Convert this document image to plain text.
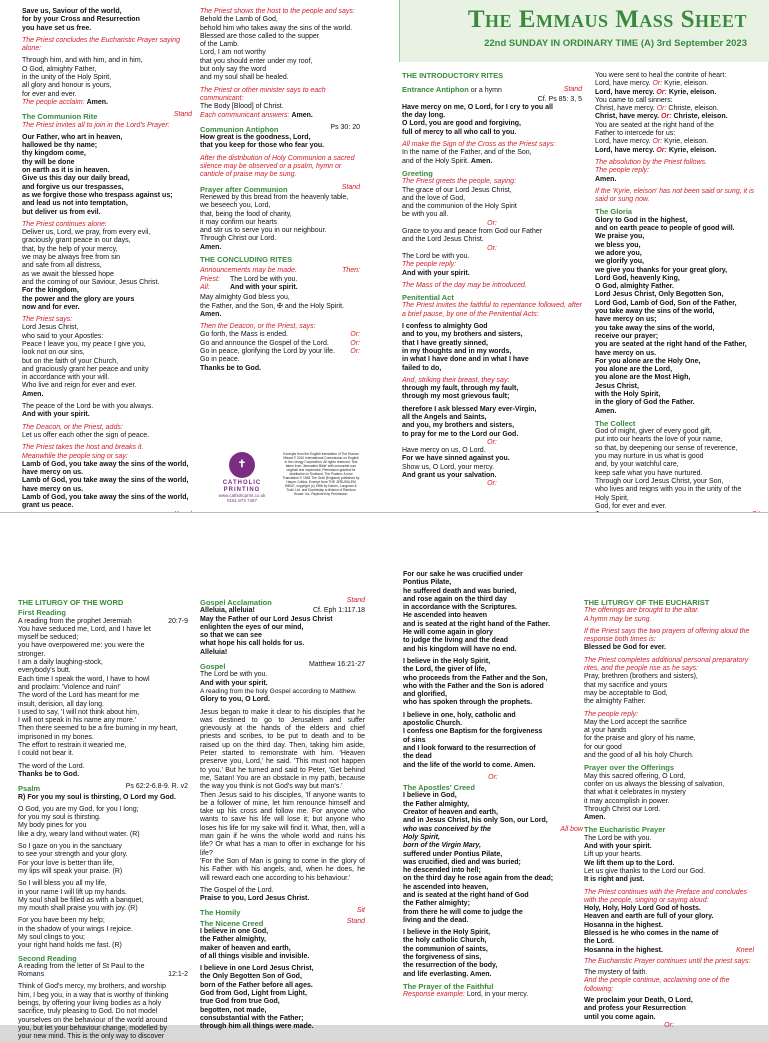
The Emmaus Mass Sheet
22nd SUNDAY IN ORDINARY TIME (A) 3rd September 2023

Save us, Saviour of the world,
for by your Cross and Resurrection
you have set us free.

The Priest concludes the Eucharistic Prayer saying alone:

Through him, and with him, and in him,
O God, almighty Father,
in the unity of the Holy Spirit,
all glory and honour is yours,
for ever and ever.

The people acclaim: Amen.

The Communion Rite	Stand

The Priest invites all to join in the Lord's Prayer:

Our Father, who art in heaven,
hallowed be thy name;
thy kingdom come,
thy will be done
on earth as it is in heaven.
Give us this day our daily bread,
and forgive us our trespasses,
as we forgive those who trespass against us;
and lead us not into temptation,
but deliver us from evil.

The Priest continues alone:

Deliver us, Lord, we pray, from every evil,
graciously grant peace in our days,
that, by the help of your mercy,
we may be always free from sin
and safe from all distress,
as we await the blessed hope
and the coming of our Saviour, Jesus Christ.

For the kingdom,
the power and the glory are yours
now and for ever.

The Priest says:

Lord Jesus Christ,
who said to your Apostles:
Peace I leave you, my peace I give you,
look not on our sins,
but on the faith of your Church,
and graciously grant her peace and unity
in accordance with your will.
Who live and reign for ever and ever.

Amen.

The peace of the Lord be with you always.

And with your spirit.

The Deacon, or the Priest, adds:

Let us offer each other the sign of peace.

The Priest takes the host and breaks it.
Meanwhile the people sing or say:

Lamb of God, you take away the sins of the world,
have mercy on us.
Lamb of God, you take away the sins of the world,
have mercy on us.
Lamb of God, you take away the sins of the world,
grant us peace.

The Priest shows the host to the people and says:

Behold the Lamb of God,
behold him who takes away the sins of the world.
Blessed are those called to the supper
of the Lamb.
Lord, I am not worthy
that you should enter under my roof,
but only say the word
and my soul shall be healed.

The Priest or other minister says to each communicant:

The Body [Blood] of Christ.

Each communicant answers: Amen.

Communion Antiphon	Ps 30: 20

How great is the goodness, Lord,
that you keep for those who fear you.

After the distribution of Holy Communion a sacred silence may be observed or a psalm, hymn or canticle of praise may be sung.

Prayer after Communion	Stand

Renewed by this bread from the heavenly table,
we beseech you, Lord,
that, being the food of charity,
it may confirm our hearts
and stir us to serve you in our neighbour.
Through Christ our Lord.

Amen.

THE CONCLUDING RITES
Announcements may be made.	Then:
Priest: The Lord be with you.
All:	And with your spirit.

May almighty God bless you,
the Father, and the Son, ✠ and the Holy Spirit.

Amen.

Then the Deacon, or the Priest, says:

Go forth, the Mass is ended.	Or:
Go and announce the Gospel of the Lord.	Or:
Go in peace, glorifying the Lord by your life. Or:
Go in peace.
Thanks be to God.
✝
CATHOLIC PRINTING
www.catholicprint.co.uk
0161 873 7457
Excerpts from the English translation of The Roman Missal © 2010 International Commission on English in the Liturgy Corporation. All rights reserved. Text taken from 'Jerusalem Bible' with concordat cum originali and imprimatur. Permission granted for distribution in Scotland. The Psalms: A new Translation © 1963 The Grail (England) published by Harper Collins. Excerpt from THE JERUSALEM BIBLE, copyright (c) 1966 by Darton, Longman & Todd. Ltd. and Doubleday a division of Random House. Inc. Reprinted by Permission.
THE INTRODUCTORY RITES
Entrance Antiphon or a hymn	Stand
Cf. Ps 85: 3, 5

Have mercy on me, O Lord, for I cry to you all
the day long.
O Lord, you are good and forgiving,
full of mercy to all who call to you.

All make the Sign of the Cross as the Priest says:

In the name of the Father, and of the Son,
and of the Holy Spirit. Amen.

Greeting

The Priest greets the people, saying:

The grace of our Lord Jesus Christ,
and the love of God,
and the communion of the Holy Spirit
be with you all.

Or:

Grace to you and peace from God our Father
and the Lord Jesus Christ.

Or:
The Lord be with you.
The people reply:

And with your spirit.

The Mass of the day may be introduced.

Penitential Act

The Priest invites the faithful to repentance followed, after a brief pause, by one of the Penitential Acts:

I confess to almighty God
and to you, my brothers and sisters,
that I have greatly sinned,
in my thoughts and in my words,
in what I have done and in what I have
failed to do,

And, striking their breast, they say:

through my fault, through my fault,
through my most grievous fault;

therefore I ask blessed Mary ever-Virgin,
all the Angels and Saints,
and you, my brothers and sisters,
to pray for me to the Lord our God.

Or:
Have mercy on us, O Lord.
For we have sinned against you.
Show us, O Lord, your mercy.
And grant us your salvation.
Or:
You were sent to heal the contrite of heart:
Lord, have mercy. Or: Kyrie, eleison.
Lord, have mercy. Or: Kyrie, eleison.
You came to call sinners:
Christ, have mercy. Or: Christe, eleison.
Christ, have mercy. Or: Christe, eleison.
You are seated at the right hand of the
Father to intercede for us:
Lord, have mercy. Or: Kyrie, eleison.
Lord, have mercy. Or: Kyrie, eleison.
The absolution by the Priest follows.
The people reply:

Amen.

If the 'Kyrie, eleison' has not been said or sung, it is said or sung now.

The Gloria

Glory to God in the highest,
and on earth peace to people of good will.
We praise you,
we bless you,
we adore you,
we glorify you,
we give you thanks for your great glory,
Lord God, heavenly King,
O God, almighty Father.
Lord Jesus Christ, Only Begotten Son,
Lord God, Lamb of God, Son of the Father,
you take away the sins of the world,
have mercy on us;
you take away the sins of the world,
receive our prayer;
you are seated at the right hand of the Father,
have mercy on us.
For you alone are the Holy One,
you alone are the Lord,
you alone are the Most High,
Jesus Christ,
with the Holy Spirit,
in the glory of God the Father.
Amen.

The Collect

God of might, giver of every good gift,
put into our hearts the love of your name,
so that, by deepening our sense of reverence,
you may nurture in us what is good
and, by your watchful care,
keep safe what you have nurtured.
Through our Lord Jesus Christ, your Son,
who lives and reigns with you in the unity of the
Holy Spirit,
God, for ever and ever.

THE LITURGY OF THE WORD
First Reading
A reading from the prophet Jeremiah	20:7-9

You have seduced me, Lord, and I have let
myself be seduced;
you have overpowered me: you were the
stronger.
I am a daily laughing-stock,
everybody's butt.
Each time I speak the word, I have to howl
and proclaim: 'Violence and ruin!'
The word of the Lord has meant for me
insult, derision, all day long.
I used to say, 'I will not think about him,
I will not speak in his name any more.'
Then there seemed to be a fire burning in my heart,
imprisoned in my bones.
The effort to restrain it wearied me,
I could not bear it.

The word of the Lord.

Thanks be to God.

Psalm	Ps 62:2-6.8-9. R. v2

R) For you my soul is thirsting, O Lord my God.

O God, you are my God, for you I long;
for you my soul is thirsting.
My body pines for you
like a dry, weary land without water. (R)

So I gaze on you in the sanctuary
to see your strength and your glory.
For your love is better than life,
my lips will speak your praise. (R)

So I will bless you all my life,
in your name I will lift up my hands.
My soul shall be filled as with a banquet,
my mouth shall praise you with joy. (R)

For you have been my help;
in the shadow of your wings I rejoice.
My soul clings to you;
your right hand holds me fast. (R)

Second Reading
A reading from the letter of St Paul to the
Romans	12:1-2

Think of God's mercy, my brothers, and worship
him, I beg you, in a way that is worthy of thinking
beings, by offering your living bodies as a holy
sacrifice, truly pleasing to God. Do not model
yourselves on the behaviour of the world around
you, but let your behaviour change, modelled by
your new mind. This is the only way to discover

Gospel Acclamation	Stand
Alleluia, alleluia!	Cf. Eph 1:117.18

May the Father of our Lord Jesus Christ
enlighten the eyes of our mind,
so that we can see
what hope his call holds for us.
Alleluia!

Gospel	Matthew 16:21-27
The Lord be with you.
And with your spirit.
A reading from the holy Gospel according to Matthew.

Glory to you, O Lord.

Jesus began to make it clear to his disciples that he was destined to go to Jerusalem and suffer grievously at the hands of the elders and chief priests and scribes, to be put to death and to be raised up on the third day. Then, taking him aside, Peter started to remonstrate with him. 'Heaven preserve you, Lord,' he said. 'This must not happen to you.' But he turned and said to Peter, 'Get behind me, Satan! You are an obstacle in my path, because the way you think is not God's way but man's.'
Then Jesus said to his disciples, 'If anyone wants to be a follower of mine, let him renounce himself and take up his cross and follow me. For anyone who wants to save his life will lose it; but anyone who loses his life for my sake will find it. What, then, will a man gain if he wins the whole world and ruins his life? Or what has a man to offer in exchange for his life?
'For the Son of Man is going to come in the glory of his Father with his angels, and, when he does, he will reward each one according to his behaviour.'

The Gospel of the Lord.

Praise to you, Lord Jesus Christ.

The Homily	Sit
The Nicene Creed	Stand

I believe in one God,
the Father almighty,
maker of heaven and earth,
of all things visible and invisible.

I believe in one Lord Jesus Christ,
the Only Begotten Son of God,
born of the Father before all ages.
God from God, Light from Light,
true God from true God,
begotten, not made,
consubstantial with the Father;
through him all things were made.

For our sake he was crucified under
Pontius Pilate,
he suffered death and was buried,
and rose again on the third day
in accordance with the Scriptures.
He ascended into heaven
and is seated at the right hand of the Father.
He will come again in glory
to judge the living and the dead
and his kingdom will have no end.

I believe in the Holy Spirit,
the Lord, the giver of life,
who proceeds from the Father and the Son,
who with the Father and the Son is adored
and glorified,
who has spoken through the prophets.

I believe in one, holy, catholic and
apostolic Church.
I confess one Baptism for the forgiveness
of sins
and I look forward to the resurrection of
the dead
and the life of the world to come. Amen.

Or:
The Apostles' Creed

I believe in God,
the Father almighty,
Creator of heaven and earth,
and in Jesus Christ, his only Son, our Lord,

who was conceived by the	All bow

Holy Spirit,
born of the Virgin Mary,

suffered under Pontius Pilate,
was crucified, died and was buried;
he descended into hell;
on the third day he rose again from the dead;
he ascended into heaven,
and is seated at the right hand of God
the Father almighty;
from there he will come to judge the
living and the dead.

I believe in the Holy Spirit,
the holy catholic Church,
the communion of saints,
the forgiveness of sins,
the resurrection of the body,
and life everlasting. Amen.

The Prayer of the Faithful
Response example: Lord, in your mercy.
THE LITURGY OF THE EUCHARIST

The offerings are brought to the altar.
A hymn may be sung.

If the Priest says the two prayers of offering aloud the response both times is:

Blessed be God for ever.

The Priest completes additional personal preparatory rites, and the people rise as he says:

Pray, brethren (brothers and sisters),
that my sacrifice and yours
may be acceptable to God,
the almighty Father.

The people reply:

May the Lord accept the sacrifice
at your hands
for the praise and glory of his name,
for our good
and the good of all his holy Church.

Prayer over the Offerings

May this sacred offering, O Lord,
confer on us always the blessing of salvation,
that what it celebrates in mystery
it may accomplish in power.
Through Christ our Lord.

Amen.

The Eucharistic Prayer
The Lord be with you.
And with your spirit.
Lift up your hearts.
We lift them up to the Lord.
Let us give thanks to the Lord our God.

It is right and just.

The Priest continues with the Preface and concludes with the people, singing or saying aloud:
Holy, Holy, Holy Lord God of hosts.
Heaven and earth are full of your glory.
Hosanna in the highest.
Blessed is he who comes in the name of
the Lord.
Hosanna in the highest.	Kneel
The Eucharistic Prayer continues until the priest says:
The mystery of faith.
And the people continue, acclaiming one of the following:
We proclaim your Death, O Lord,
and profess your Resurrection
until you come again.
Or:
